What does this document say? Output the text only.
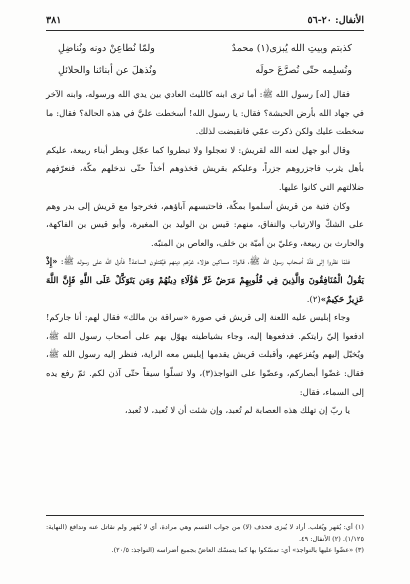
الأنفال: ٢٠-٥٦
٣٨١
كذبتم وبيتِ الله يُبزى(١) محمدٌ
ولمّا نُطاعِنْ دونه ونُناضِلِ
ونُسلِمه حتّى نُصرَّعَ حولَه
ونُذهلَ عن أبنائنا والحلائلِ

فقال [له] رسول الله ﷺ: أما ترى ابنه كالليث العادي بين يدي الله ورسوله، وابنه الآخر في جهاد الله بأرض الحبشة؟ فقال: يا رسول الله! أسخطت عليَّ في هذه الحالة؟ فقال: ما سخطت عليك ولكن ذكرت عمّي فانقبضت لذلك.

وقال أبو جهل لعنه الله لقريش: لا تعجلوا ولا تبطروا كما عجّل وبطر أبناء ربيعة، عليكم بأهل يثرب فاجزروهم جزراً، وعليكم بقريش فخذوهم أخذاً حتّى ندخلهم مكّة، فنعرّفهم ضلالتهم التي كانوا عليها.

وكان فتية من قريش أسلموا بمكّة، فاحتبسهم آباؤهم، فخرجوا مع قريش إلى بدر وهم على الشكّ والارتياب والنفاق، منهم: قيس بن الوليد بن المغيرة، وأبو قيس بن الفاكهة، والحارث بن ربيعة، وعليّ بن أميّة بن خلف، والعاص بن المنبّه.

فلمّا نظروا إلى قلّة أصحاب رسول الله ﷺ، قالوا: مساكين هؤلاء غرّهم دينهم فيُقتلون الساعة! فأنزل الله على رسوله ﷺ: «إِذْ يَقُولُ الْمُنَافِقُونَ وَالَّذِينَ فِي قُلُوبِهِمْ مَرَضٌ غَرَّ هَٰؤُلَاءِ دِينُهُمْ وَمَن يَتَوَكَّلْ عَلَى اللَّهِ فَإِنَّ اللَّهَ عَزِيزٌ حَكِيمٌ»(٢).

وجاء إبليس عليه اللعنة إلى قريش في صورة «سراقة بن مالك» فقال لهم: أنا جاركم! ادفعوا إليّ رايتكم. فدفعوها إليه، وجاء بشياطينه يهوّل بهم على أصحاب رسول الله ﷺ، ويُخيّل إليهم ويُفزعهم، وأقبلت قريش يقدمها إبليس معه الراية، فنظر إليه رسول الله ﷺ، فقال: غضّوا أبصاركم، وعضّوا على النواجذ(٣)، ولا تسلّوا سيفاً حتّى آذن لكم. ثمّ رفع يده إلى السماء، فقال:

يا ربّ إن تهلك هذه العصابة لم تُعبد، وإن شئت أن لا تُعبد، لا تُعبد،

(١) أي: يُقهر ويُغلب. أراد لا يُبزى فحذف (لا) من جواب القسم وهي مرادة، أي لا يُقهر ولم نقاتل عنه وندافع (النهاية: ١/١٢٥). (٢) الأنفال: ٤٩.

(٣) «عضّوا عليها بالنواجذ» أي: تمسّكوا بها كما يتمسّك العاضّ بجميع أضراسه (النواجذ: ٢٠/٥).
